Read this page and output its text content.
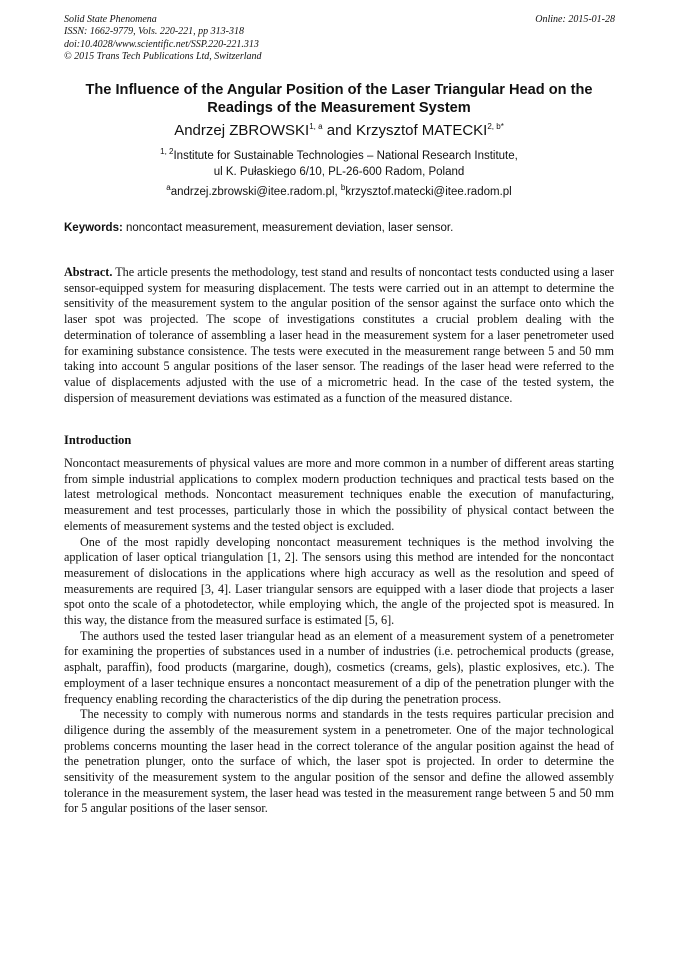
Solid State Phenomena
ISSN: 1662-9779, Vols. 220-221, pp 313-318
doi:10.4028/www.scientific.net/SSP.220-221.313
© 2015 Trans Tech Publications Ltd, Switzerland
Online: 2015-01-28
The Influence of the Angular Position of the Laser Triangular Head on the Readings of the Measurement System
Andrzej ZBROWSKI$^{1, a}$ and Krzysztof $MATECKI^{2, b*}$
$^{1, 2}$Institute for Sustainable Technologies – National Research Institute,
ul K. Pułaskiego 6/10, PL-26-600 Radom, Poland
$^a$andrzej.zbrowski@itee.radom.pl, $^b$krzysztof.matecki@itee.radom.pl
Keywords: noncontact measurement, measurement deviation, laser sensor.

Abstract. The article presents the methodology, test stand and results of noncontact tests conducted using a laser sensor-equipped system for measuring displacement. The tests were carried out in an attempt to determine the sensitivity of the measurement system to the angular position of the sensor against the surface onto which the laser spot was projected. The scope of investigations constitutes a crucial problem dealing with the determination of tolerance of assembling a laser head in the measurement system for a laser penetrometer used for examining substance consistence. The tests were executed in the measurement range between 5 and 50 mm taking into account 5 angular positions of the laser sensor. The readings of the laser head were referred to the value of displacements adjusted with the use of a micrometric head. In the case of the tested system, the dispersion of measurement deviations was estimated as a function of the measured distance.

Introduction

Noncontact measurements of physical values are more and more common in a number of different areas starting from simple industrial applications to complex modern production techniques and practical tests based on the latest metrological methods. Noncontact measurement techniques enable the execution of manufacturing, measurement and test processes, particularly those in which the possibility of physical contact between the elements of measurement systems and the tested object is excluded.

One of the most rapidly developing noncontact measurement techniques is the method involving the application of laser optical triangulation [1, 2]. The sensors using this method are intended for the noncontact measurement of dislocations in the applications where high accuracy as well as the resolution and speed of measurements are required [3, 4]. Laser triangular sensors are equipped with a laser diode that projects a laser spot onto the scale of a photodetector, while employing which, the angle of the projected spot is measured. In this way, the distance from the measured surface is estimated [5, 6].

The authors used the tested laser triangular head as an element of a measurement system of a penetrometer for examining the properties of substances used in a number of industries (i.e. petrochemical products (grease, asphalt, paraffin), food products (margarine, dough), cosmetics (creams, gels), plastic explosives, etc.). The employment of a laser technique ensures a noncontact measurement of a dip of the penetration plunger with the frequency enabling recording the characteristics of the dip during the penetration process.

The necessity to comply with numerous norms and standards in the tests requires particular precision and diligence during the assembly of the measurement system in a penetrometer. One of the major technological problems concerns mounting the laser head in the correct tolerance of the angular position against the head of the penetration plunger, onto the surface of which, the laser spot is projected. In order to determine the sensitivity of the measurement system to the angular position of the sensor and define the allowed assembly tolerance in the measurement system, the laser head was tested in the measurement range between 5 and 50 mm for 5 angular positions of the laser sensor.
